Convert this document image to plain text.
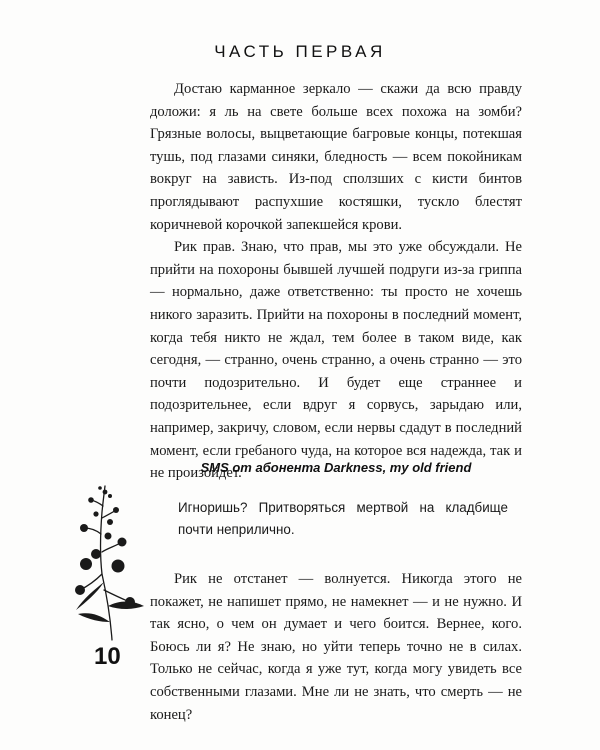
ЧАСТЬ ПЕРВАЯ

Достаю карманное зеркало — скажи да всю правду доложи: я ль на свете больше всех похожа на зомби? Грязные волосы, выцветающие багровые концы, потекшая тушь, под глазами синяки, бледность — всем покойникам вокруг на зависть. Из-под сползших с кисти бинтов проглядывают распухшие костяшки, тускло блестят коричневой корочкой запекшейся крови.

Рик прав. Знаю, что прав, мы это уже обсуждали. Не прийти на похороны бывшей лучшей подруги из-за гриппа — нормально, даже ответственно: ты просто не хочешь никого заразить. Прийти на похороны в последний момент, когда тебя никто не ждал, тем более в таком виде, как сегодня, — странно, очень странно, а очень странно — это почти подозрительно. И будет еще страннее и подозрительнее, если вдруг я сорвусь, зарыдаю или, например, закричу, словом, если нервы сдадут в последний момент, если гребаного чуда, на которое вся надежда, так и не произойдет.

SMS от абонента Darkness, my old friend
Игноришь? Притворяться мертвой на кладбище почти неприлично.

Рик не отстанет — волнуется. Никогда этого не покажет, не напишет прямо, не намекнет — и не нужно. И так ясно, о чем он думает и чего боится. Вернее, кого. Боюсь ли я? Не знаю, но уйти теперь точно не в силах. Только не сейчас, когда я уже тут, когда могу увидеть все собственными глазами. Мне ли не знать, что смерть — не конец?

10
